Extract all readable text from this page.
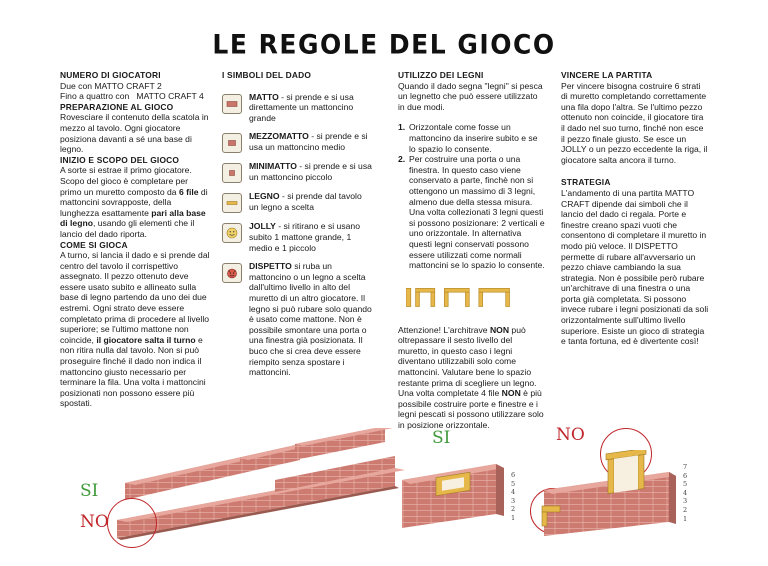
LE REGOLE DEL GIOCO

NUMERO DI GIOCATORI

Due con MATTO CRAFT 2

Fino a quattro con   MATTO CRAFT 4

PREPARAZIONE AL GIOCO

Rovesciare il contenuto della scatola in mezzo al tavolo. Ogni giocatore posiziona davanti a sé una base di legno.

INIZIO E SCOPO DEL GIOCO

A sorte si estrae il primo giocatore. Scopo del gioco è completare per primo un muretto composto da 6 file di mattoncini sovrapposte, della lunghezza esattamente pari alla base di legno, usando gli elementi che il lancio del dado riporta.

COME SI GIOCA

A turno, si lancia il dado e si prende dal centro del tavolo il corrispettivo assegnato. Il pezzo ottenuto deve essere usato subito e allineato sulla base di legno partendo da uno dei due estremi. Ogni strato deve essere completato prima di procedere al livello superiore; se l'ultimo mattone non coincide, il giocatore salta il turno e non ritira nulla dal tavolo. Non si può proseguire finché il dado non indica il mattoncino giusto necessario per terminare la fila. Una volta i mattoncini posizionati non possono essere più spostati.

I SIMBOLI DEL DADO

MATTO - si prende e si usa direttamente un mattoncino grande

MEZZOMATTO - si prende e si usa un mattoncino medio

MINIMATTO - si prende e si usa un mattoncino piccolo

LEGNO - si prende dal tavolo un legno a scelta

JOLLY - si ritirano e si usano subito 1 mattone grande, 1 medio e 1 piccolo

DISPETTO si ruba un mattoncino o un legno a scelta dall'ultimo livello in alto del muretto di un altro giocatore. Il legno si può rubare solo quando è usato come mattone. Non è possibile smontare una porta o una finestra già posizionata. Il buco che si crea deve essere riempito senza spostare i mattoncini.

UTILIZZO DEI LEGNI

Quando il dado segna "legni" si pesca un legnetto che può essere utilizzato in due modi.

1. Orizzontale come fosse un mattoncino da inserire subito e se lo spazio lo consente.
2. Per costruire una porta o una finestra. In questo caso viene conservato a parte, finchè non si ottengono un massimo di 3 legni, almeno due della stessa misura. Una volta collezionati 3 legni questi si possono posizionare: 2 verticali e uno orizzontale. In alternativa questi legni conservati possono essere utilizzati come normali mattoncini se lo spazio lo consente.

Attenzione! L'architrave NON può oltrepassare il sesto livello del muretto, in questo caso i legni diventano utilizzabili solo come mattoncini. Valutare bene lo spazio restante prima di scegliere un legno. Una volta completate 4 file NON è più possibile costruire porte e finestre e i legni pescati si possono utilizzare solo in posizione orizzontale.

VINCERE LA PARTITA

Per vincere bisogna costruire 6 strati di muretto completando correttamente una fila dopo l'altra. Se l'ultimo pezzo ottenuto non coincide, il giocatore tira il dado nel suo turno, finché non esce il pezzo finale giusto. Se esce un JOLLY o un pezzo eccedente la riga, il giocatore salta ancora il turno.

STRATEGIA

L'andamento di una partita MATTO CRAFT dipende dai simboli che il lancio del dado ci regala. Porte e finestre creano spazi vuoti che consentono di completare il muretto in modo più veloce. Il DISPETTO permette di rubare all'avversario un pezzo chiave cambiando la sua strategia. Non è possibile però rubare un'architrave di una finestra o una porta già completata. Si possono invece rubare i legni posizionati da soli orizzontalmente sull'ultimo livello superiore. Esiste un gioco di strategia e tanta fortuna, ed è divertente così!

SI
NO
SI
6
5
4
3
2
1
NO
7
6
5
4
3
2
1
